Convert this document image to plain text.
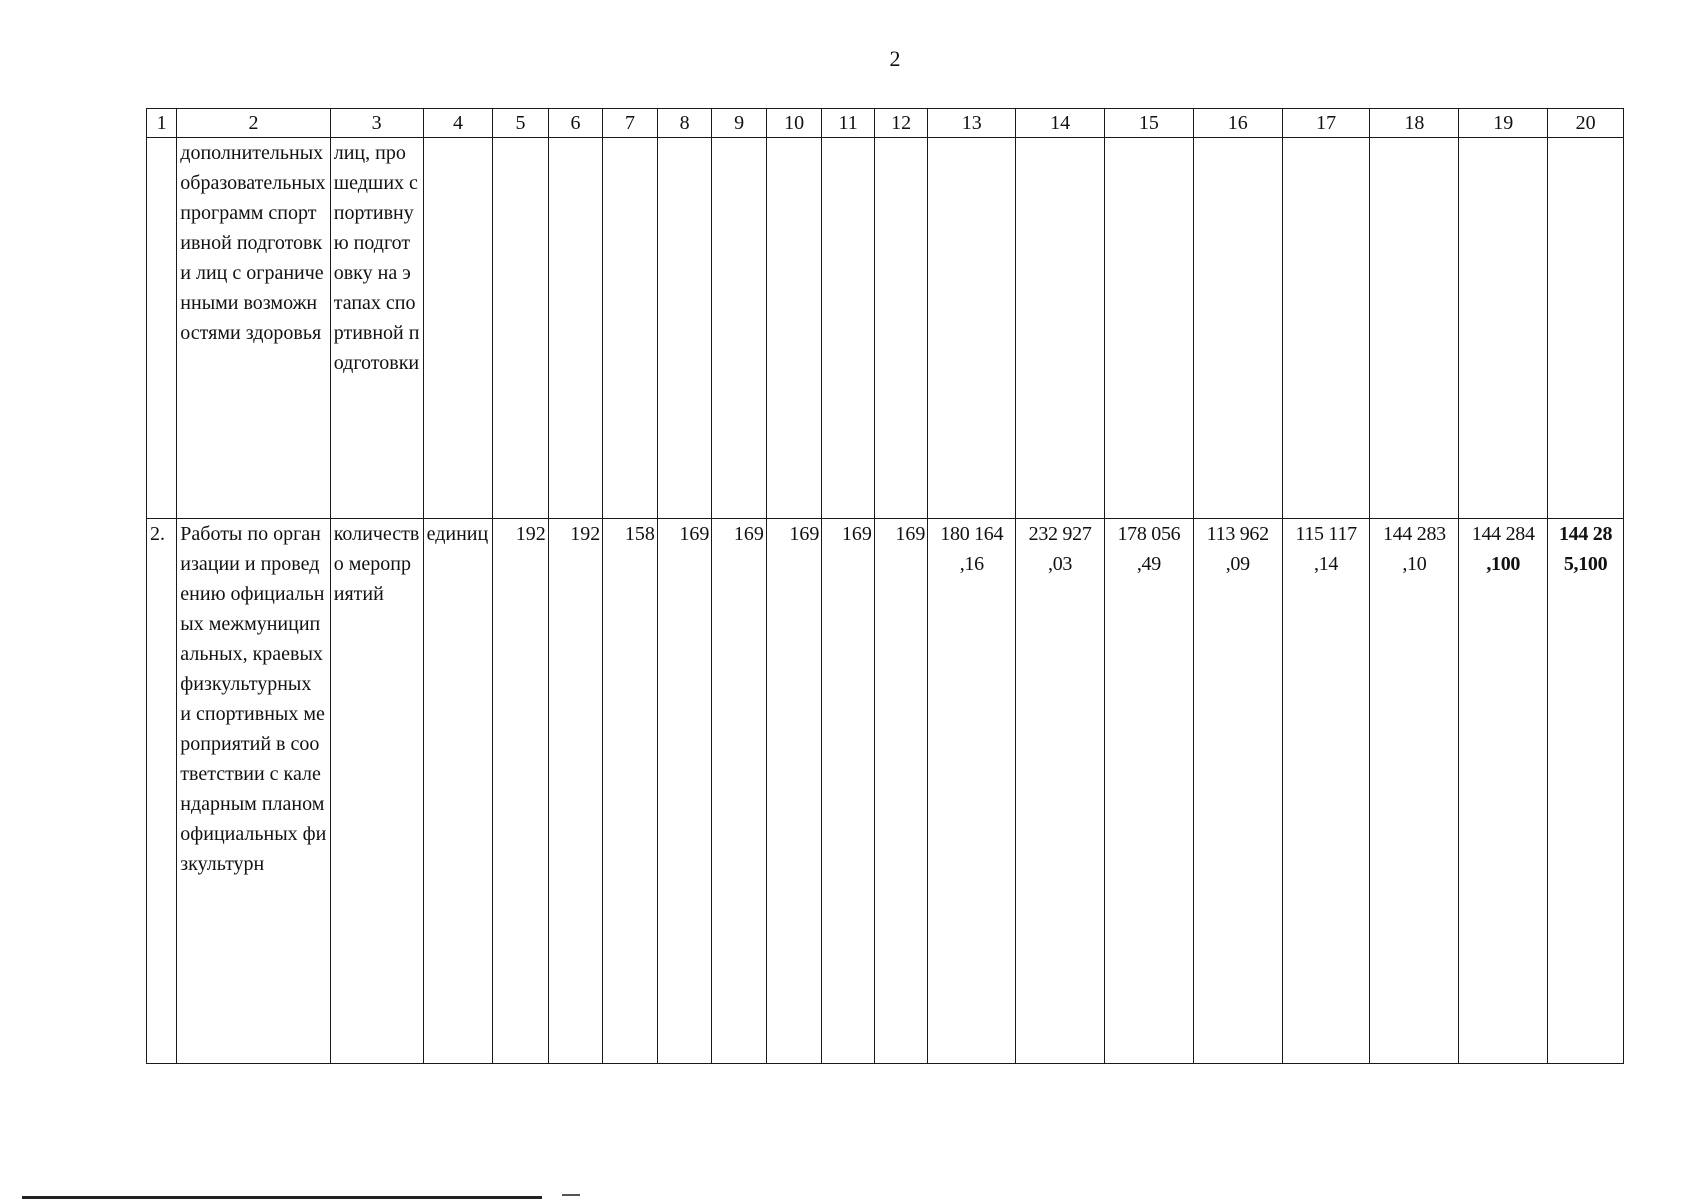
2
1	2	3	4	5	6	7	8	9	10	11	12	13	14	15	16	17	18	19	20
	дополнительных образовательных программ спортивной подготовки лиц с ограниченными возможностями здоровья	лиц, прошедших спортивную подготовку на этапах спортивной подготовки										

2.	Работы по организации и проведению официальных межмуниципальных, краевых физкультурных и спортивных мероприятий в соответствии с календарным планом официальных физкультурн	количество мероприятий	единиц	192	192	158	169	169	169	169	169	180 164
,16	232 927
,03	178 056
,49	113 962
,09	115 117
,14	144 283
,10	144 284
,100	144 28
5,100
